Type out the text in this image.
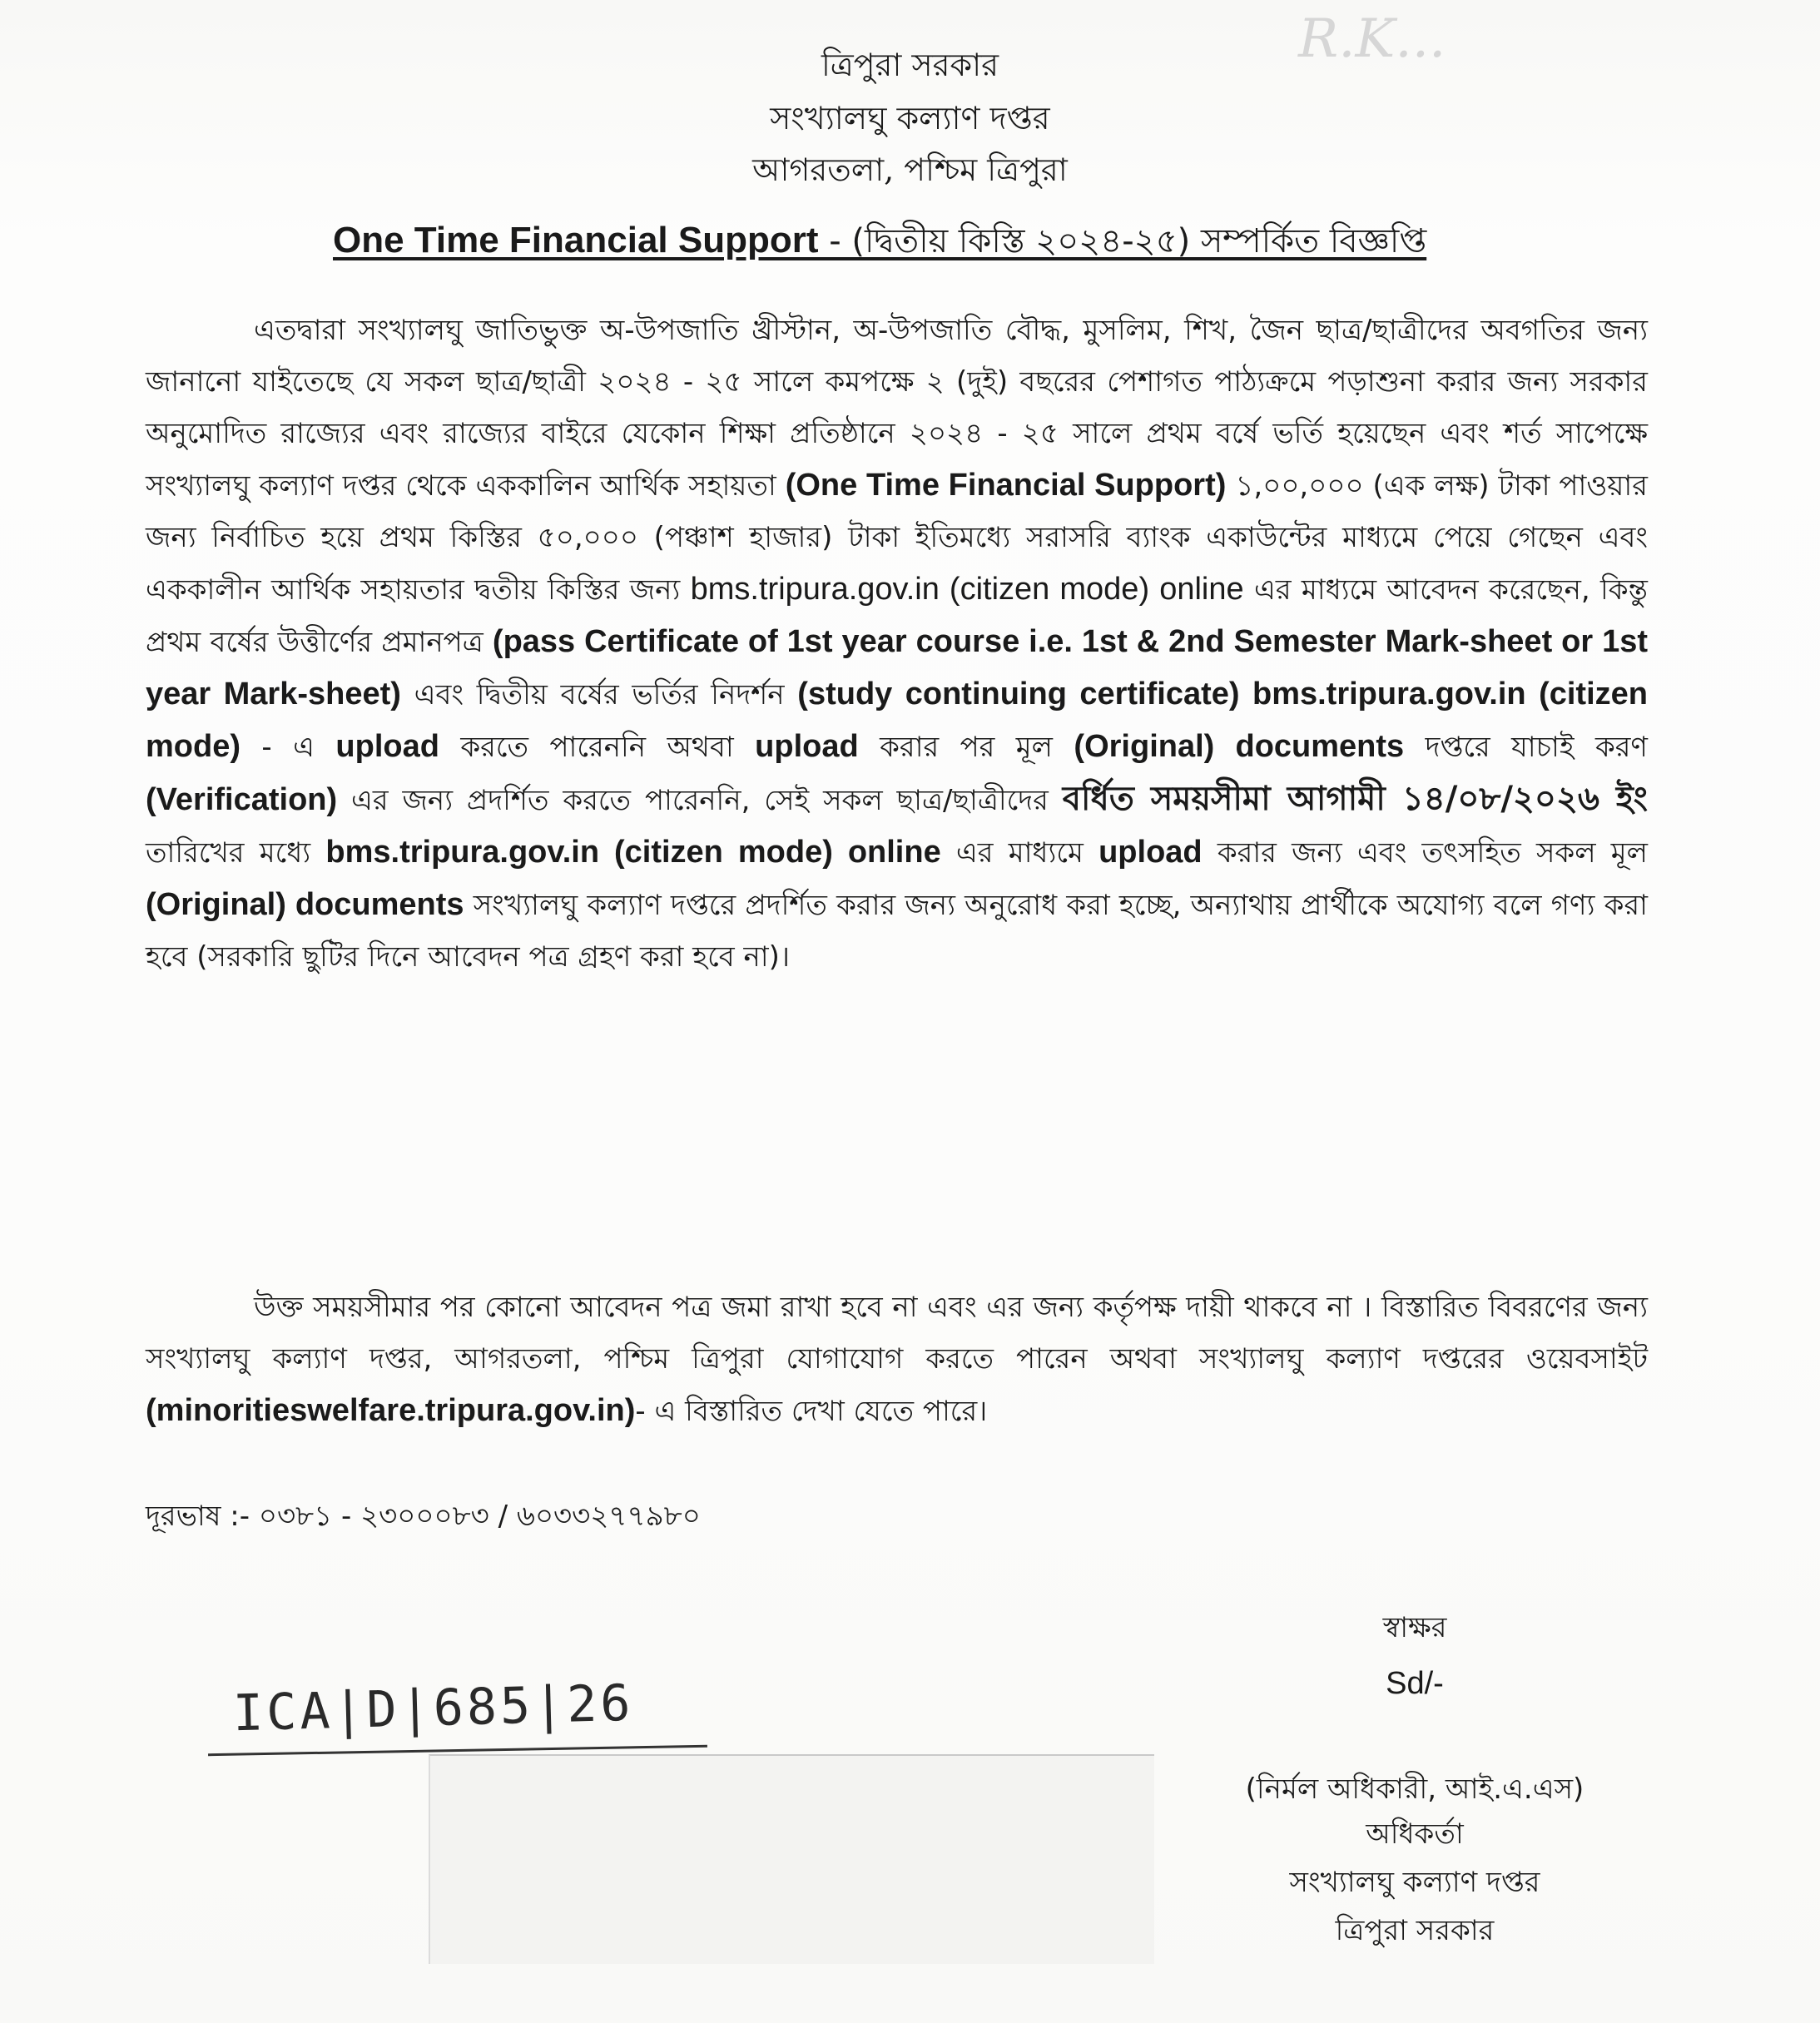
R.K...
ত্রিপুরা সরকার
সংখ্যালঘু কল্যাণ দপ্তর
আগরতলা, পশ্চিম ত্রিপুরা
One Time Financial Support - (দ্বিতীয় কিস্তি ২০২৪-২৫) সম্পর্কিত বিজ্ঞপ্তি
এতদ্বারা সংখ্যালঘু জাতিভুক্ত অ-উপজাতি খ্রীস্টান, অ-উপজাতি বৌদ্ধ, মুসলিম, শিখ, জৈন ছাত্র/ছাত্রীদের অবগতির জন্য জানানো যাইতেছে যে সকল ছাত্র/ছাত্রী ২০২৪ - ২৫ সালে কমপক্ষে ২ (দুই) বছরের পেশাগত পাঠ্যক্রমে পড়াশুনা করার জন্য সরকার অনুমোদিত রাজ্যের এবং রাজ্যের বাইরে যেকোন শিক্ষা প্রতিষ্ঠানে ২০২৪ - ২৫ সালে প্রথম বর্ষে ভর্তি হয়েছেন এবং শর্ত সাপেক্ষে সংখ্যালঘু কল্যাণ দপ্তর থেকে এককালিন আর্থিক সহায়তা (One Time Financial Support) ১,০০,০০০ (এক লক্ষ) টাকা পাওয়ার জন্য নির্বাচিত হয়ে প্রথম কিস্তির ৫০,০০০ (পঞ্চাশ হাজার) টাকা ইতিমধ্যে সরাসরি ব্যাংক একাউন্টের মাধ্যমে পেয়ে গেছেন এবং এককালীন আর্থিক সহায়তার দ্বতীয় কিস্তির জন্য bms.tripura.gov.in (citizen mode) online এর মাধ্যমে আবেদন করেছেন, কিন্তু প্রথম বর্ষের উত্তীর্ণের প্রমানপত্র (pass Certificate of 1st year course i.e. 1st & 2nd Semester Mark-sheet or 1st year Mark-sheet) এবং দ্বিতীয় বর্ষের ভর্তির নিদর্শন (study continuing certificate) bms.tripura.gov.in (citizen mode) - এ upload করতে পারেননি অথবা upload করার পর মূল (Original) documents দপ্তরে যাচাই করণ (Verification) এর জন্য প্রদর্শিত করতে পারেননি, সেই সকল ছাত্র/ছাত্রীদের বর্ধিত সময়সীমা আগামী ১৪/০৮/২০২৬ ইং তারিখের মধ্যে bms.tripura.gov.in (citizen mode) online এর মাধ্যমে upload করার জন্য এবং তৎসহিত সকল মূল (Original) documents সংখ্যালঘু কল্যাণ দপ্তরে প্রদর্শিত করার জন্য অনুরোধ করা হচ্ছে, অন্যাথায় প্রার্থীকে অযোগ্য বলে গণ্য করা হবে (সরকারি ছুটির দিনে আবেদন পত্র গ্রহণ করা হবে না)।
উক্ত সময়সীমার পর কোনো আবেদন পত্র জমা রাখা হবে না এবং এর জন্য কর্তৃপক্ষ দায়ী থাকবে না । বিস্তারিত বিবরণের জন্য সংখ্যালঘু কল্যাণ দপ্তর, আগরতলা, পশ্চিম ত্রিপুরা যোগাযোগ করতে পারেন অথবা সংখ্যালঘু কল্যাণ দপ্তরের ওয়েবসাইট (minoritieswelfare.tripura.gov.in)- এ বিস্তারিত দেখা যেতে পারে।
দূরভাষ :- ০৩৮১ - ২৩০০০৮৩ / ৬০৩৩২৭৭৯৮০
স্বাক্ষর
Sd/-
(নির্মল অধিকারী, আই.এ.এস)
অধিকর্তা
সংখ্যালঘু কল্যাণ দপ্তর
ত্রিপুরা সরকার
ICA|D|685|26
